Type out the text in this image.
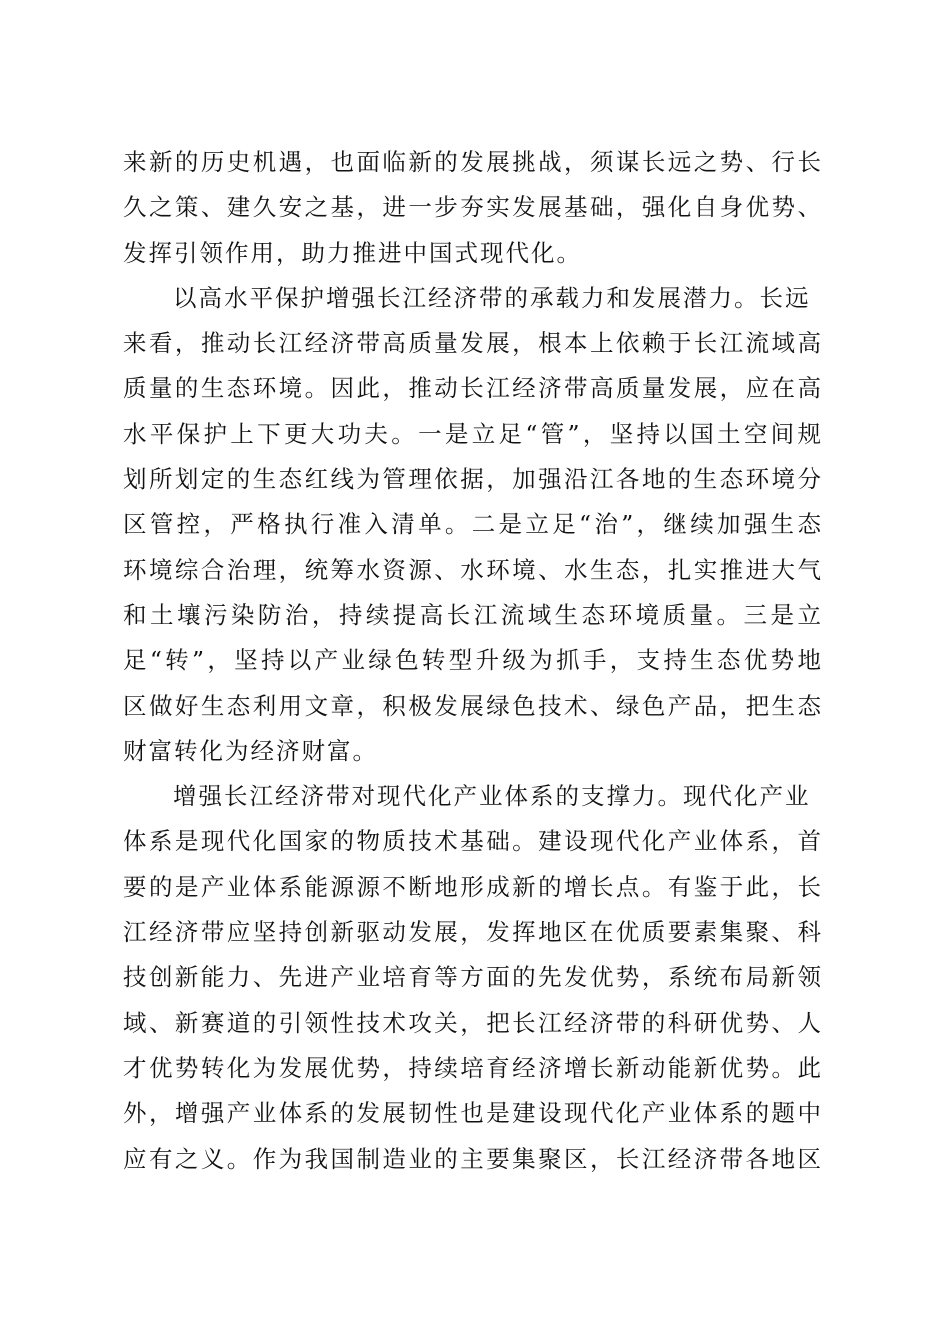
来新的历史机遇，也面临新的发展挑战，须谋长远之势、行长
久之策、建久安之基，进一步夯实发展基础，强化自身优势、
发挥引领作用，助力推进中国式现代化。
以高水平保护增强长江经济带的承载力和发展潜力。长远
来看，推动长江经济带高质量发展，根本上依赖于长江流域高
质量的生态环境。因此，推动长江经济带高质量发展，应在高
水平保护上下更大功夫。一是立足“管”，坚持以国土空间规
划所划定的生态红线为管理依据，加强沿江各地的生态环境分
区管控，严格执行准入清单。二是立足“治”，继续加强生态
环境综合治理，统筹水资源、水环境、水生态，扎实推进大气
和土壤污染防治，持续提高长江流域生态环境质量。三是立
足“转”，坚持以产业绿色转型升级为抓手，支持生态优势地
区做好生态利用文章，积极发展绿色技术、绿色产品，把生态
财富转化为经济财富。
增强长江经济带对现代化产业体系的支撑力。现代化产业
体系是现代化国家的物质技术基础。建设现代化产业体系，首
要的是产业体系能源源不断地形成新的增长点。有鉴于此，长
江经济带应坚持创新驱动发展，发挥地区在优质要素集聚、科
技创新能力、先进产业培育等方面的先发优势，系统布局新领
域、新赛道的引领性技术攻关，把长江经济带的科研优势、人
才优势转化为发展优势，持续培育经济增长新动能新优势。此
外，增强产业体系的发展韧性也是建设现代化产业体系的题中
应有之义。作为我国制造业的主要集聚区，长江经济带各地区
